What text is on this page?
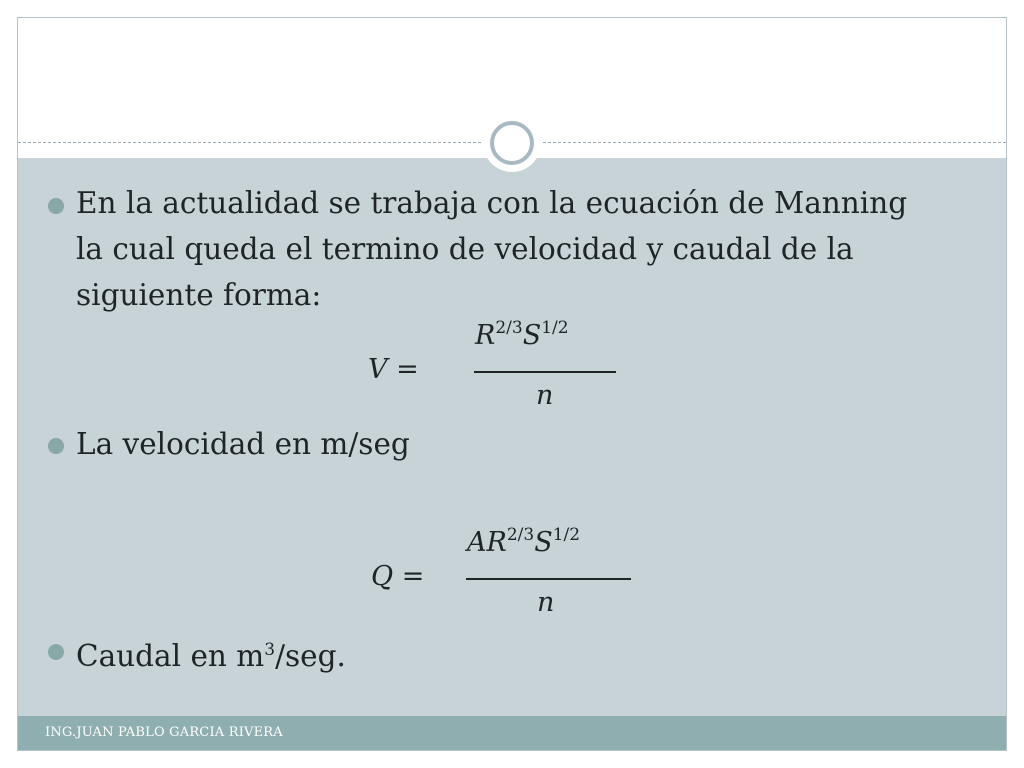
En la actualidad se trabaja con la ecuación de Manning la cual queda el termino de velocidad y caudal de la siguiente forma:
V =
$R^{2/3}S^{1/2}$
n
La velocidad en m/seg
Q =
$AR^{2/3}S^{1/2}$
n
Caudal en $m^3$/seg.
ING.JUAN PABLO GARCIA RIVERA
